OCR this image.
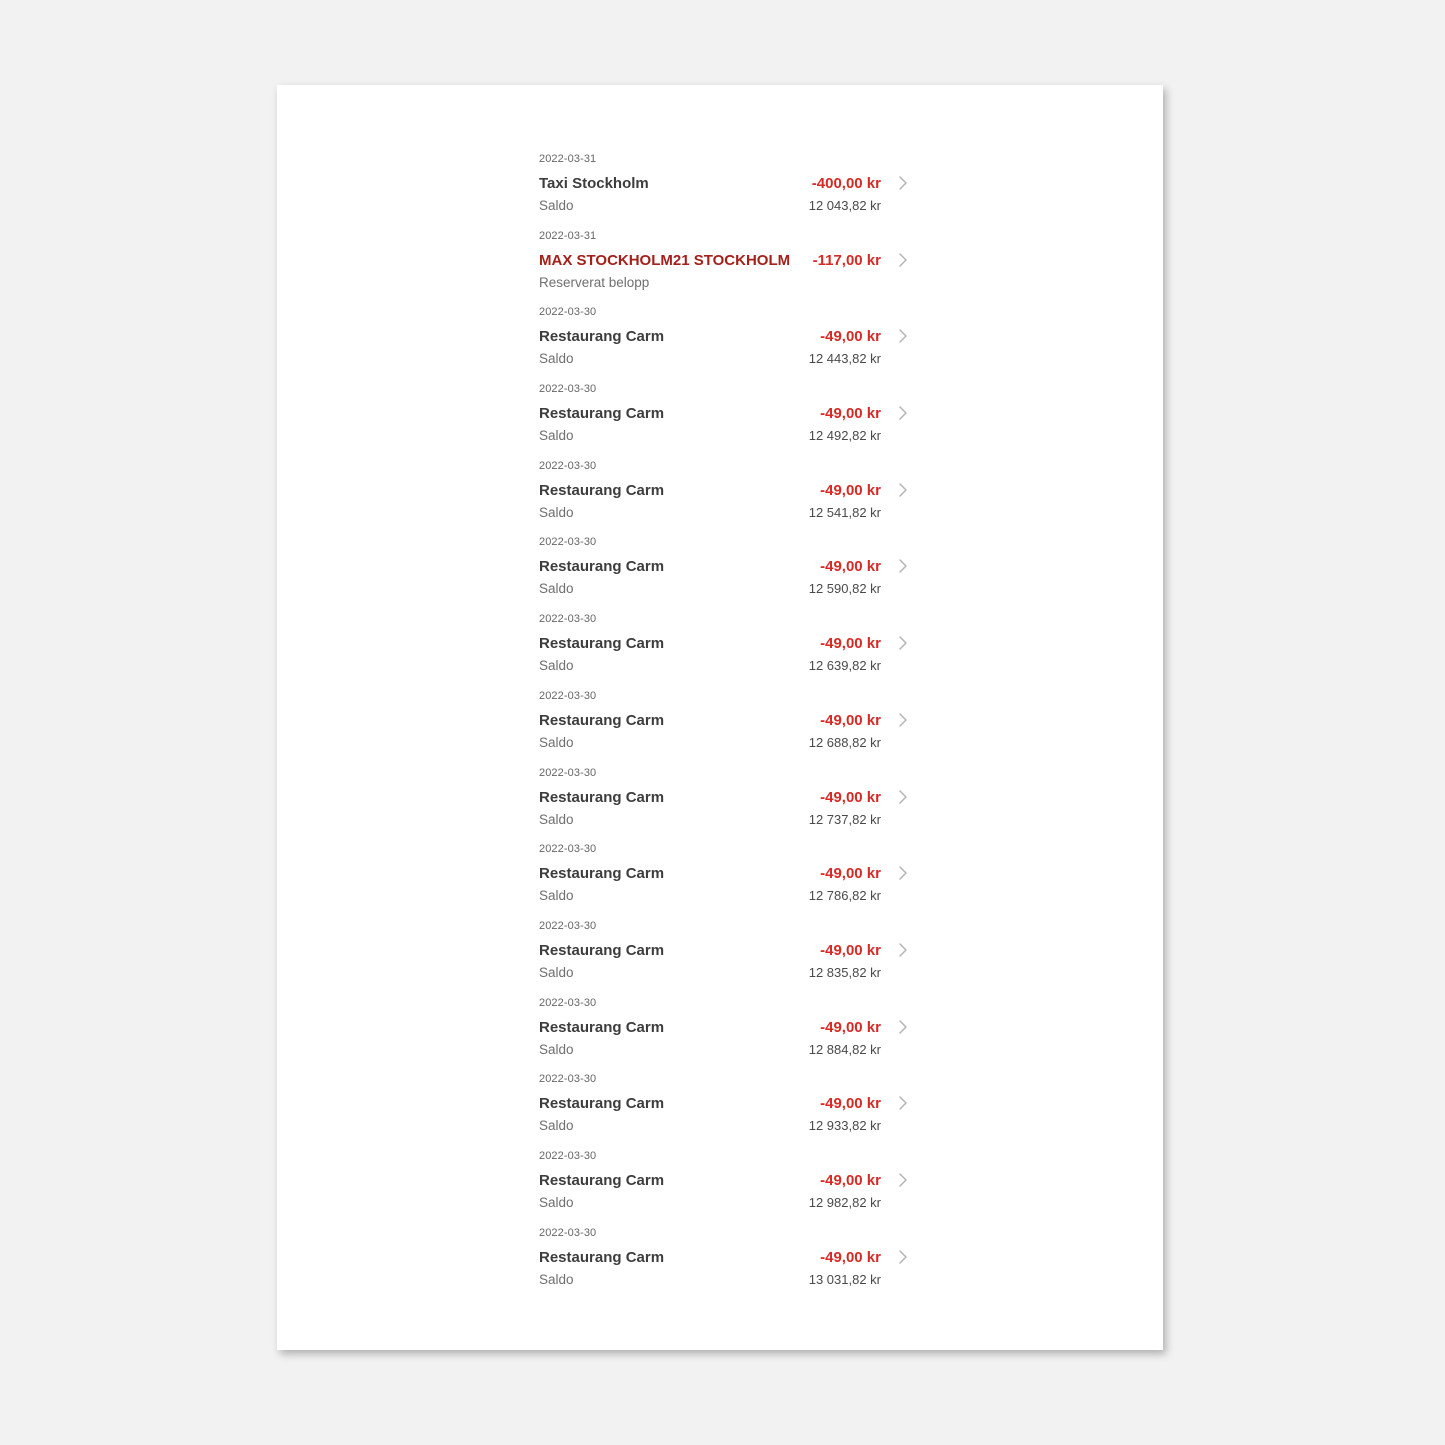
2022-03-31
Taxi Stockholm
Saldo
-400,00 kr
12 043,82 kr
2022-03-31
MAX STOCKHOLM21 STOCKHOLM
Reserverat belopp
-117,00 kr
2022-03-30
Restaurang Carm
Saldo
-49,00 kr
12 443,82 kr
2022-03-30
Restaurang Carm
Saldo
-49,00 kr
12 492,82 kr
2022-03-30
Restaurang Carm
Saldo
-49,00 kr
12 541,82 kr
2022-03-30
Restaurang Carm
Saldo
-49,00 kr
12 590,82 kr
2022-03-30
Restaurang Carm
Saldo
-49,00 kr
12 639,82 kr
2022-03-30
Restaurang Carm
Saldo
-49,00 kr
12 688,82 kr
2022-03-30
Restaurang Carm
Saldo
-49,00 kr
12 737,82 kr
2022-03-30
Restaurang Carm
Saldo
-49,00 kr
12 786,82 kr
2022-03-30
Restaurang Carm
Saldo
-49,00 kr
12 835,82 kr
2022-03-30
Restaurang Carm
Saldo
-49,00 kr
12 884,82 kr
2022-03-30
Restaurang Carm
Saldo
-49,00 kr
12 933,82 kr
2022-03-30
Restaurang Carm
Saldo
-49,00 kr
12 982,82 kr
2022-03-30
Restaurang Carm
Saldo
-49,00 kr
13 031,82 kr
